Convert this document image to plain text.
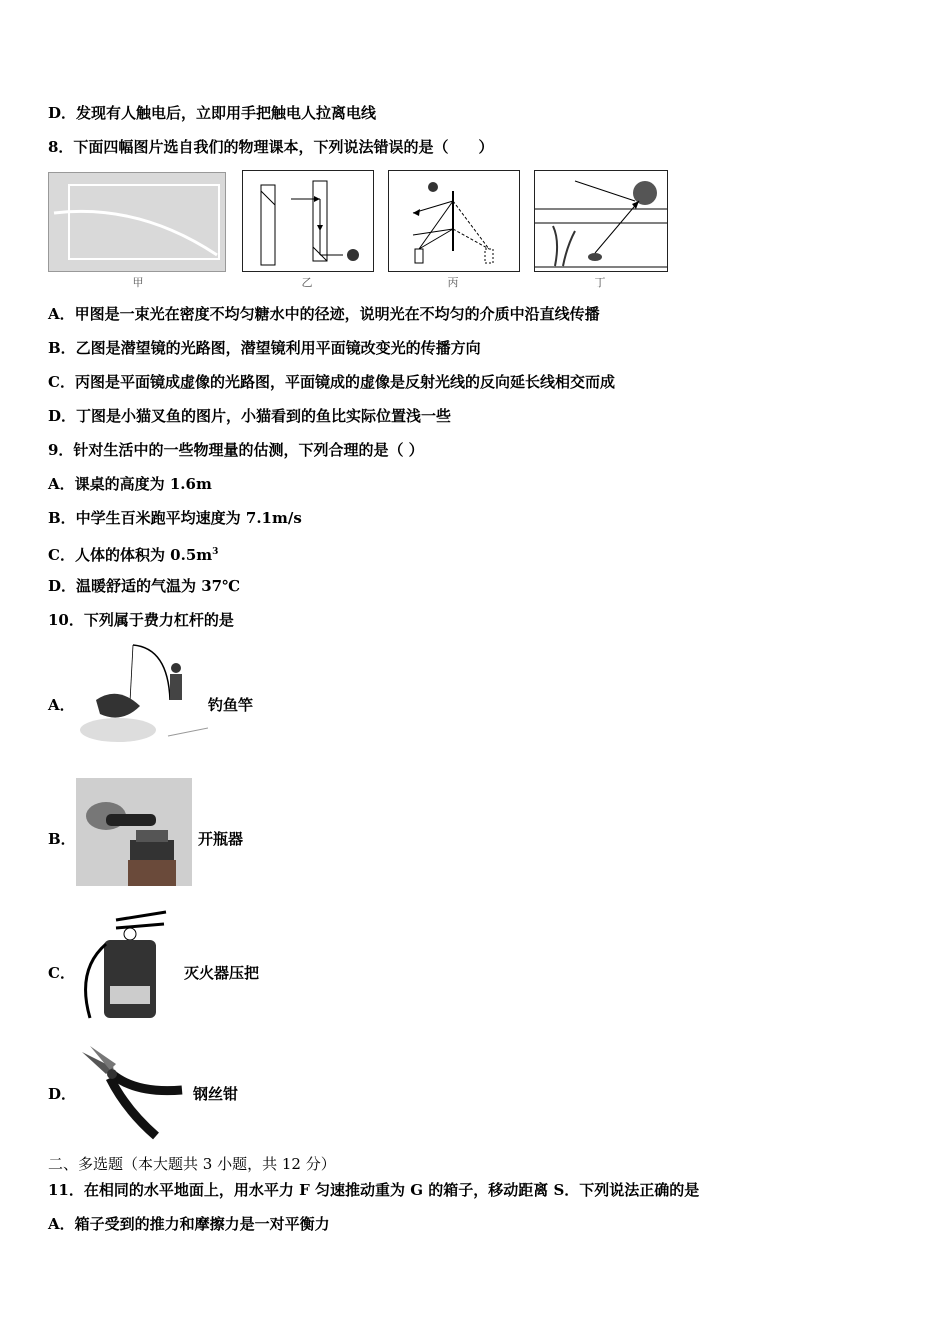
D．发现有人触电后，立即用手把触电人拉离电线
8．下面四幅图片选自我们的物理课本，下列说法错误的是（　　）
甲	乙	丙	丁
A．甲图是一束光在密度不均匀糖水中的径迹，说明光在不均匀的介质中沿直线传播
B．乙图是潜望镜的光路图，潜望镜利用平面镜改变光的传播方向
C．丙图是平面镜成虚像的光路图，平面镜成的虚像是反射光线的反向延长线相交而成
D．丁图是小猫叉鱼的图片，小猫看到的鱼比实际位置浅一些
9．针对生活中的一些物理量的估测，下列合理的是（ ）
A．课桌的高度为 1.6m
B．中学生百米跑平均速度为 7.1m/s
C．人体的体积为 $0.5m^3$
D．温暖舒适的气温为 37℃
10．下列属于费力杠杆的是
A．	钓鱼竿
B．	开瓶器
C．	灭火器压把
D．	钢丝钳
二、多选题（本大题共 3 小题，共 12 分）
11．在相同的水平地面上，用水平力 F 匀速推动重为 G 的箱子，移动距离 S．下列说法正确的是
A．箱子受到的推力和摩擦力是一对平衡力
